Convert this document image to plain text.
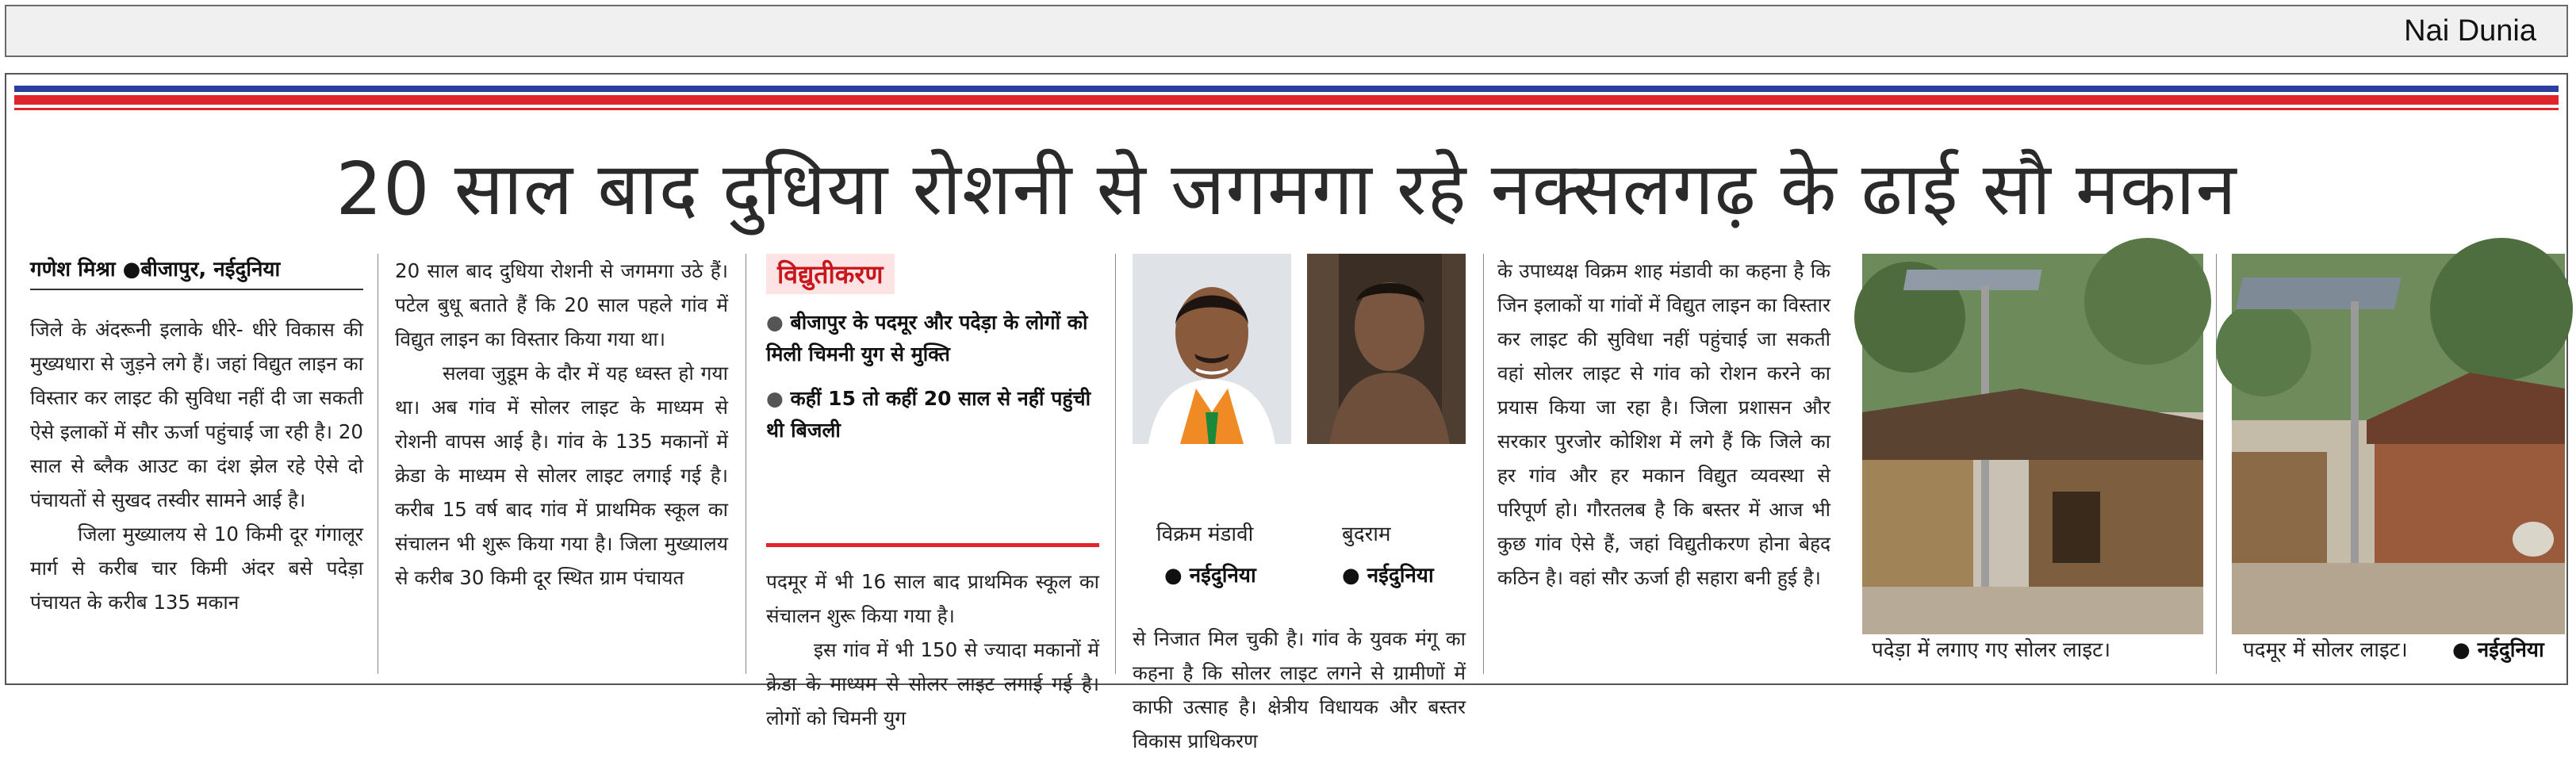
Nai Dunia
20 साल बाद दुधिया रोशनी से जगमगा रहे नक्सलगढ़ के ढाई सौ मकान
गणेश मिश्रा ●बीजापुर, नईदुनिया

जिले के अंदरूनी इलाके धीरे- धीरे विकास की मुख्यधारा से जुड़ने लगे हैं। जहां विद्युत लाइन का विस्तार कर लाइट की सुविधा नहीं दी जा सकती ऐसे इलाकों में सौर ऊर्जा पहुंचाई जा रही है। 20 साल से ब्लैक आउट का दंश झेल रहे ऐसे दो पंचायतों से सुखद तस्वीर सामने आई है।

जिला मुख्यालय से 10 किमी दूर गंगालूर मार्ग से करीब चार किमी अंदर बसे पदेड़ा पंचायत के करीब 135 मकान

20 साल बाद दुधिया रोशनी से जगमगा उठे हैं। पटेल बुधू बताते हैं कि 20 साल पहले गांव में विद्युत लाइन का विस्तार किया गया था।

सलवा जुडूम के दौर में यह ध्वस्त हो गया था। अब गांव में सोलर लाइट के माध्यम से रोशनी वापस आई है। गांव के 135 मकानों में क्रेडा के माध्यम से सोलर लाइट लगाई गई है। करीब 15 वर्ष बाद गांव में प्राथमिक स्कूल का संचालन भी शुरू किया गया है। जिला मुख्यालय से करीब 30 किमी दूर स्थित ग्राम पंचायत

विद्युतीकरण
● बीजापुर के पदमूर और पदेड़ा के लोगों को मिली चिमनी युग से मुक्ति
● कहीं 15 तो कहीं 20 साल से नहीं पहुंची थी बिजली

पदमूर में भी 16 साल बाद प्राथमिक स्कूल का संचालन शुरू किया गया है।

इस गांव में भी 150 से ज्यादा मकानों में क्रेडा के माध्यम से सोलर लाइट लगाई गई है। लोगों को चिमनी युग

विक्रम मंडावी
● नईदुनिया
बुदराम
● नईदुनिया

से निजात मिल चुकी है। गांव के युवक मंगू का कहना है कि सोलर लाइट लगने से ग्रामीणों में काफी उत्साह है। क्षेत्रीय विधायक और बस्तर विकास प्राधिकरण

के उपाध्यक्ष विक्रम शाह मंडावी का कहना है कि जिन इलाकों या गांवों में विद्युत लाइन का विस्तार कर लाइट की सुविधा नहीं पहुंचाई जा सकती वहां सोलर लाइट से गांव को रोशन करने का प्रयास किया जा रहा है। जिला प्रशासन और सरकार पुरजोर कोशिश में लगे हैं कि जिले का हर गांव और हर मकान विद्युत व्यवस्था से परिपूर्ण हो। गौरतलब है कि बस्तर में आज भी कुछ गांव ऐसे हैं, जहां विद्युतीकरण होना बेहद कठिन है। वहां सौर ऊर्जा ही सहारा बनी हुई है।

पदेड़ा में लगाए गए सोलर लाइट।	पदमूर में सोलर लाइट। ● नईदुनिया
